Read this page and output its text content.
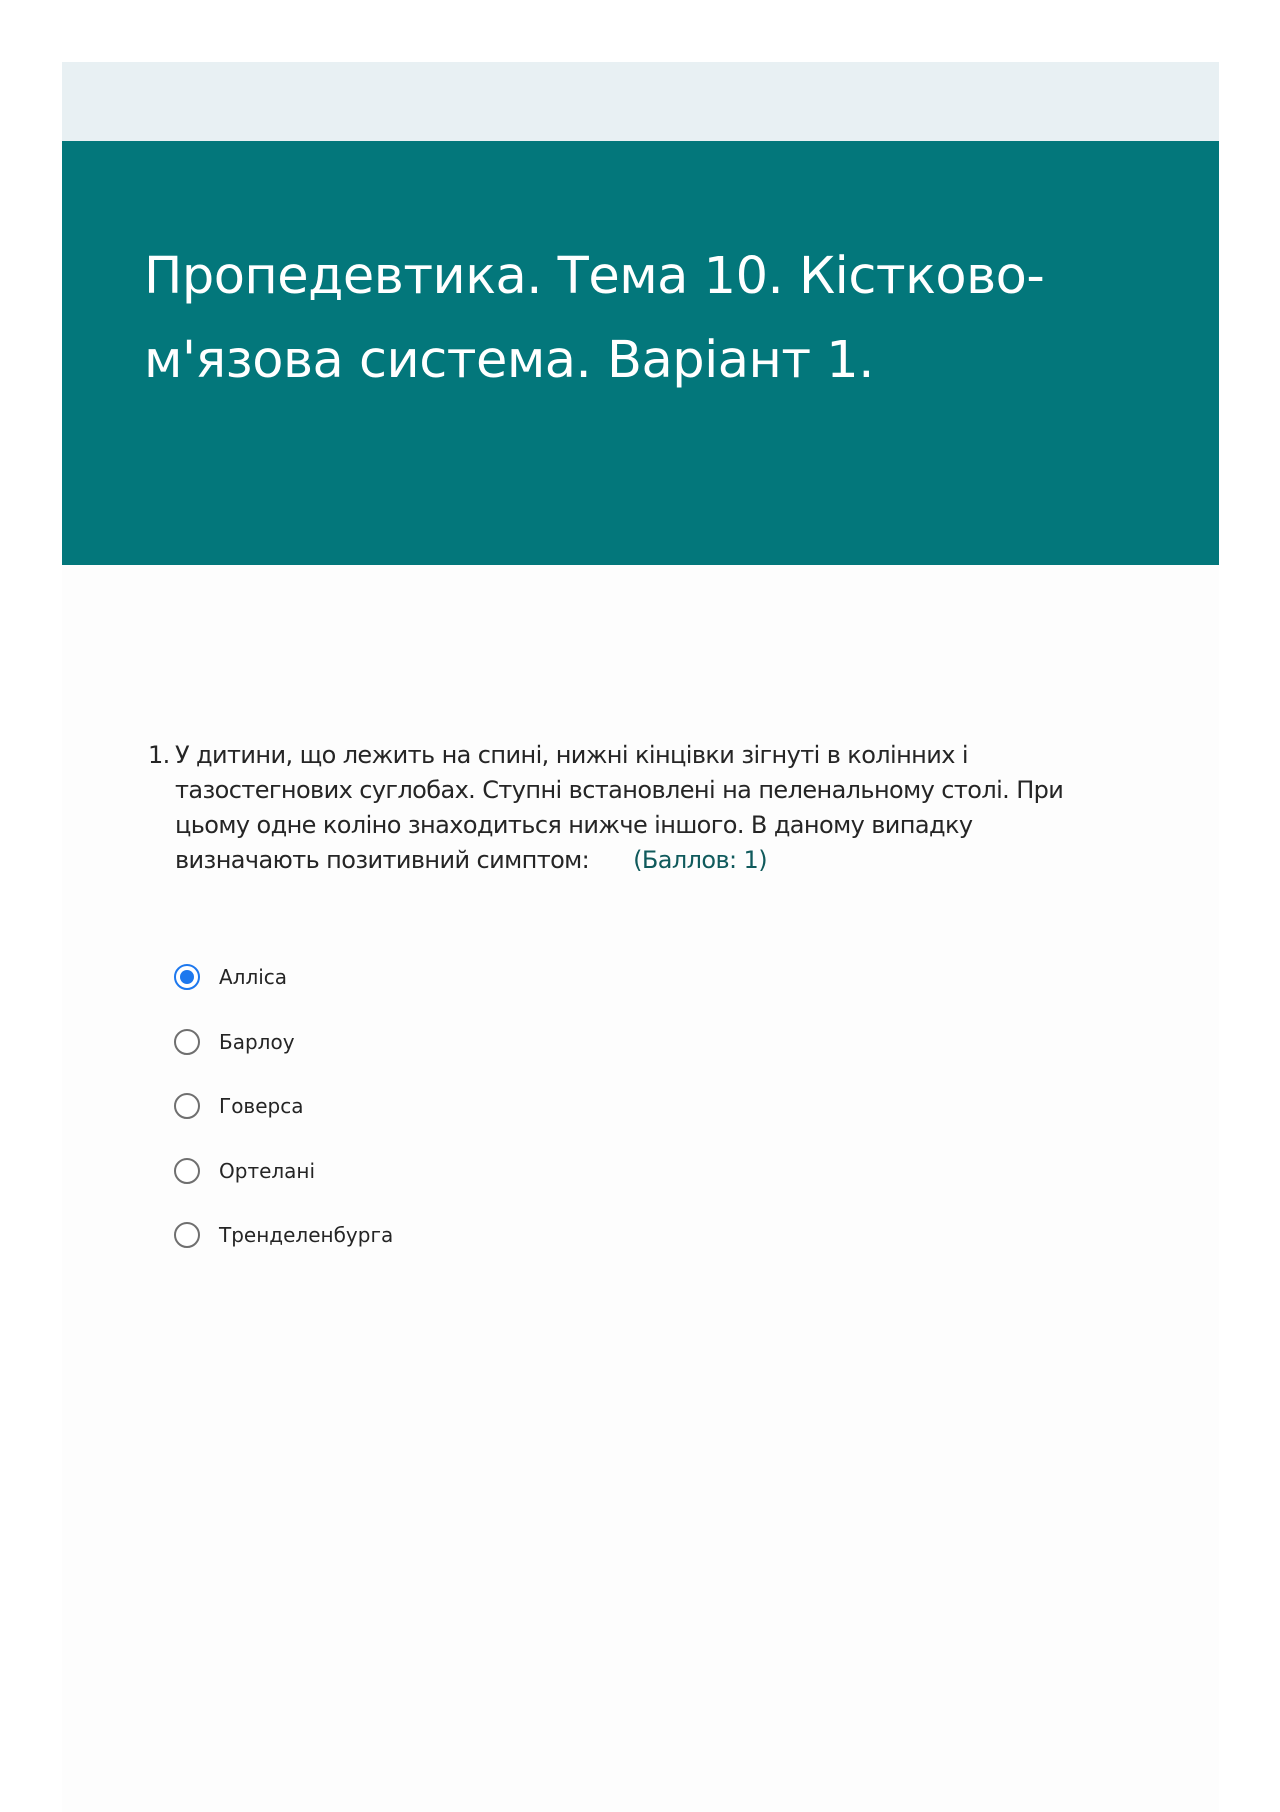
Пропедевтика. Тема 10. Кістково-
м'язова система. Варіант 1.
1. У дитини, що лежить на спині, нижні кінцівки зігнуті в колінних і
тазостегнових суглобах. Ступні встановлені на пеленальному столі. При
цьому одне коліно знаходиться нижче іншого. В даному випадку
визначають позитивний симптом: (Баллов: 1)
Алліса
Барлоу
Говерса
Ортелані
Тренделенбурга
